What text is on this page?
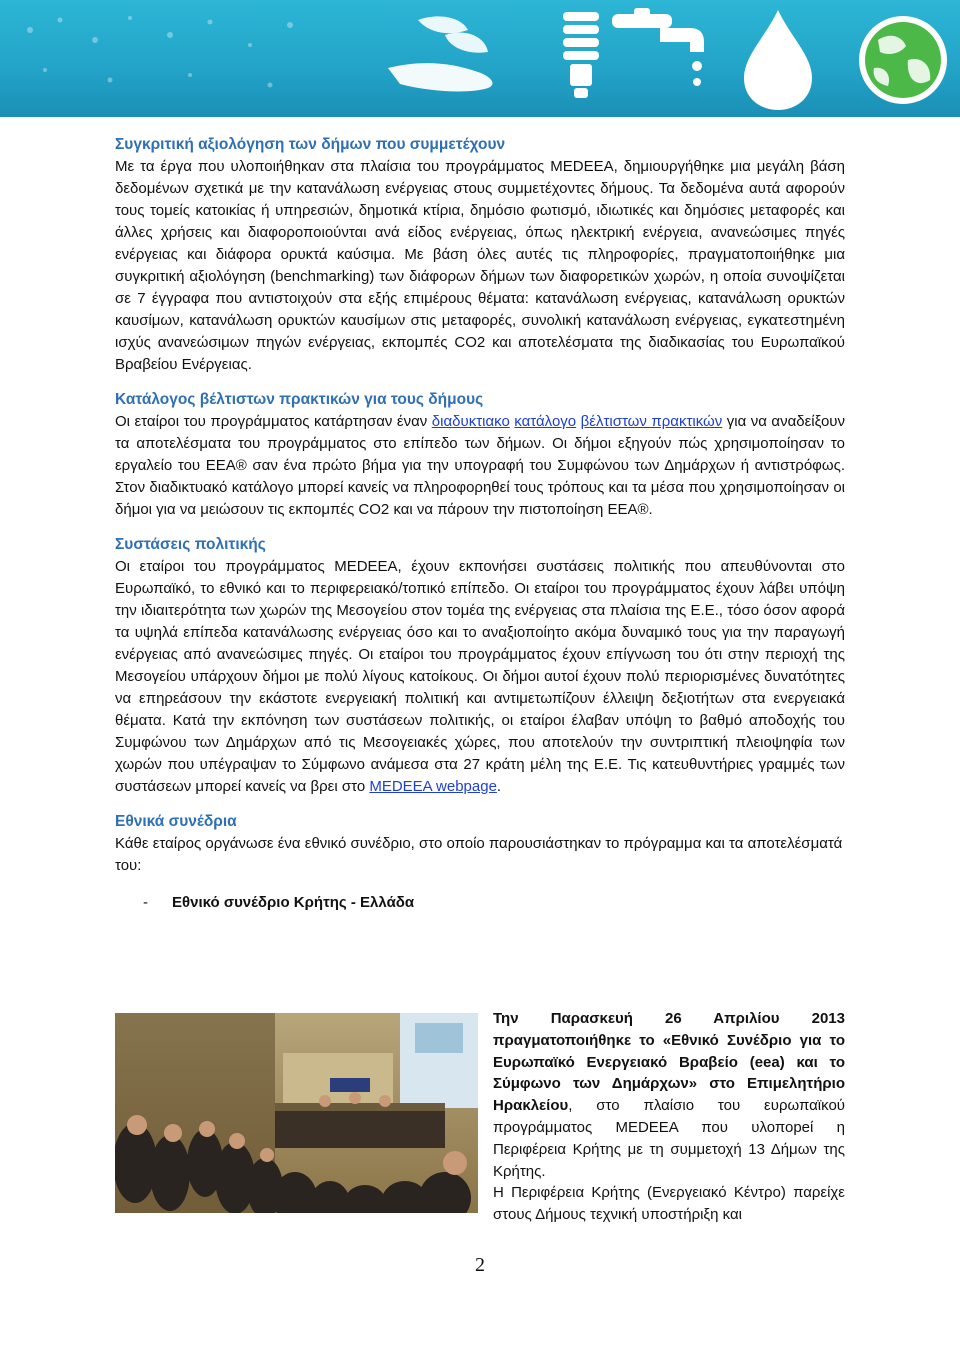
Συγκριτική αξιολόγηση των δήμων που συμμετέχουν

Με τα έργα που υλοποιήθηκαν στα πλαίσια του προγράμματος MEDEEA, δημιουργήθηκε μια μεγάλη βάση δεδομένων σχετικά με την κατανάλωση ενέργειας στους συμμετέχοντες δήμους. Τα δεδομένα αυτά αφορούν τους τομείς κατοικίας ή υπηρεσιών, δημοτικά κτίρια, δημόσιο φωτισμό, ιδιωτικές και δημόσιες μεταφορές και άλλες χρήσεις και διαφοροποιούνται ανά είδος ενέργειας, όπως ηλεκτρική ενέργεια, ανανεώσιμες πηγές ενέργειας και διάφορα ορυκτά καύσιμα. Με βάση όλες αυτές τις πληροφορίες, πραγματοποιήθηκε μια συγκριτική αξιολόγηση (benchmarking) των διάφορων δήμων των διαφορετικών χωρών, η οποία συνοψίζεται σε 7 έγγραφα που αντιστοιχούν στα εξής επιμέρους θέματα: κατανάλωση ενέργειας, κατανάλωση ορυκτών καυσίμων, κατανάλωση ορυκτών καυσίμων στις μεταφορές, συνολική κατανάλωση ενέργειας, εγκατεστημένη ισχύς ανανεώσιμων πηγών ενέργειας, εκπομπές CO2 και αποτελέσματα της διαδικασίας του Ευρωπαϊκού Βραβείου Ενέργειας.

Κατάλογος βέλτιστων πρακτικών για τους δήμους

Οι εταίροι του προγράμματος κατάρτησαν έναν διαδυκτιακο κατάλογο βέλτιστων πρακτικών για να αναδείξουν τα αποτελέσματα του προγράμματος στο επίπεδο των δήμων. Οι δήμοι εξηγούν πώς χρησιμοποίησαν το εργαλείο του EEA® σαν ένα πρώτο βήμα για την υπογραφή του Συμφώνου των Δημάρχων ή αντιστρόφως. Στον διαδικτυακό κατάλογο μπορεί κανείς να πληροφορηθεί τους τρόπους και τα μέσα που χρησιμοποίησαν οι δήμοι για να μειώσουν τις εκπομπές CO2 και να πάρουν την πιστοποίηση EEA®.

Συστάσεις πολιτικής

Οι εταίροι του προγράμματος MEDEEA, έχουν εκπονήσει συστάσεις πολιτικής που απευθύνονται στο Ευρωπαϊκό, το εθνικό και το περιφερειακό/τοπικό επίπεδο. Οι εταίροι του προγράμματος έχουν λάβει υπόψη την ιδιαιτερότητα των χωρών της Μεσογείου στον τομέα της ενέργειας στα πλαίσια της Ε.Ε., τόσο όσον αφορά τα υψηλά επίπεδα κατανάλωσης ενέργειας όσο και το αναξιοποίητο ακόμα δυναμικό τους για την παραγωγή ενέργειας από ανανεώσιμες πηγές. Οι εταίροι του προγράμματος έχουν επίγνωση του ότι στην περιοχή της Μεσογείου υπάρχουν δήμοι με πολύ λίγους κατοίκους. Οι δήμοι αυτοί έχουν πολύ περιορισμένες δυνατότητες να επηρεάσουν την εκάστοτε ενεργειακή πολιτική και αντιμετωπίζουν έλλειψη δεξιοτήτων στα ενεργειακά θέματα. Κατά την εκπόνηση των συστάσεων πολιτικής, οι εταίροι έλαβαν υπόψη το βαθμό αποδοχής του Συμφώνου των Δημάρχων από τις Μεσογειακές χώρες, που αποτελούν την συντριπτική πλειοψηφία των χωρών που υπέγραψαν το Σύμφωνο ανάμεσα στα 27 κράτη μέλη της Ε.Ε. Τις κατευθυντήριες γραμμές των συστάσεων μπορεί κανείς να βρει στο MEDEEA webpage.

Εθνικά συνέδρια

Κάθε εταίρος οργάνωσε ένα εθνικό συνέδριο, στο οποίο παρουσιάστηκαν το πρόγραμμα και τα αποτελέσματά του:

- Εθνικό συνέδριο Κρήτης - Ελλάδα

Την Παρασκευή 26 Απριλίου 2013 πραγματοποιήθηκε το «Εθνικό Συνέδριο για το Ευρωπαϊκό Ενεργειακό Βραβείο (eea) και το Σύμφωνο των Δημάρχων» στο Επιμελητήριο Ηρακλείου, στο πλαίσιο του ευρωπαϊκού προγράμματος MEDEEA που υλοποpeί η Περιφέρεια Κρήτης με τη συμμετοχή 13 Δήμων της Κρήτης.

Η Περιφέρεια Κρήτης (Ενεργειακό Κέντρο) παρείχε στους Δήμους τεχνική υποστήριξη και

2
